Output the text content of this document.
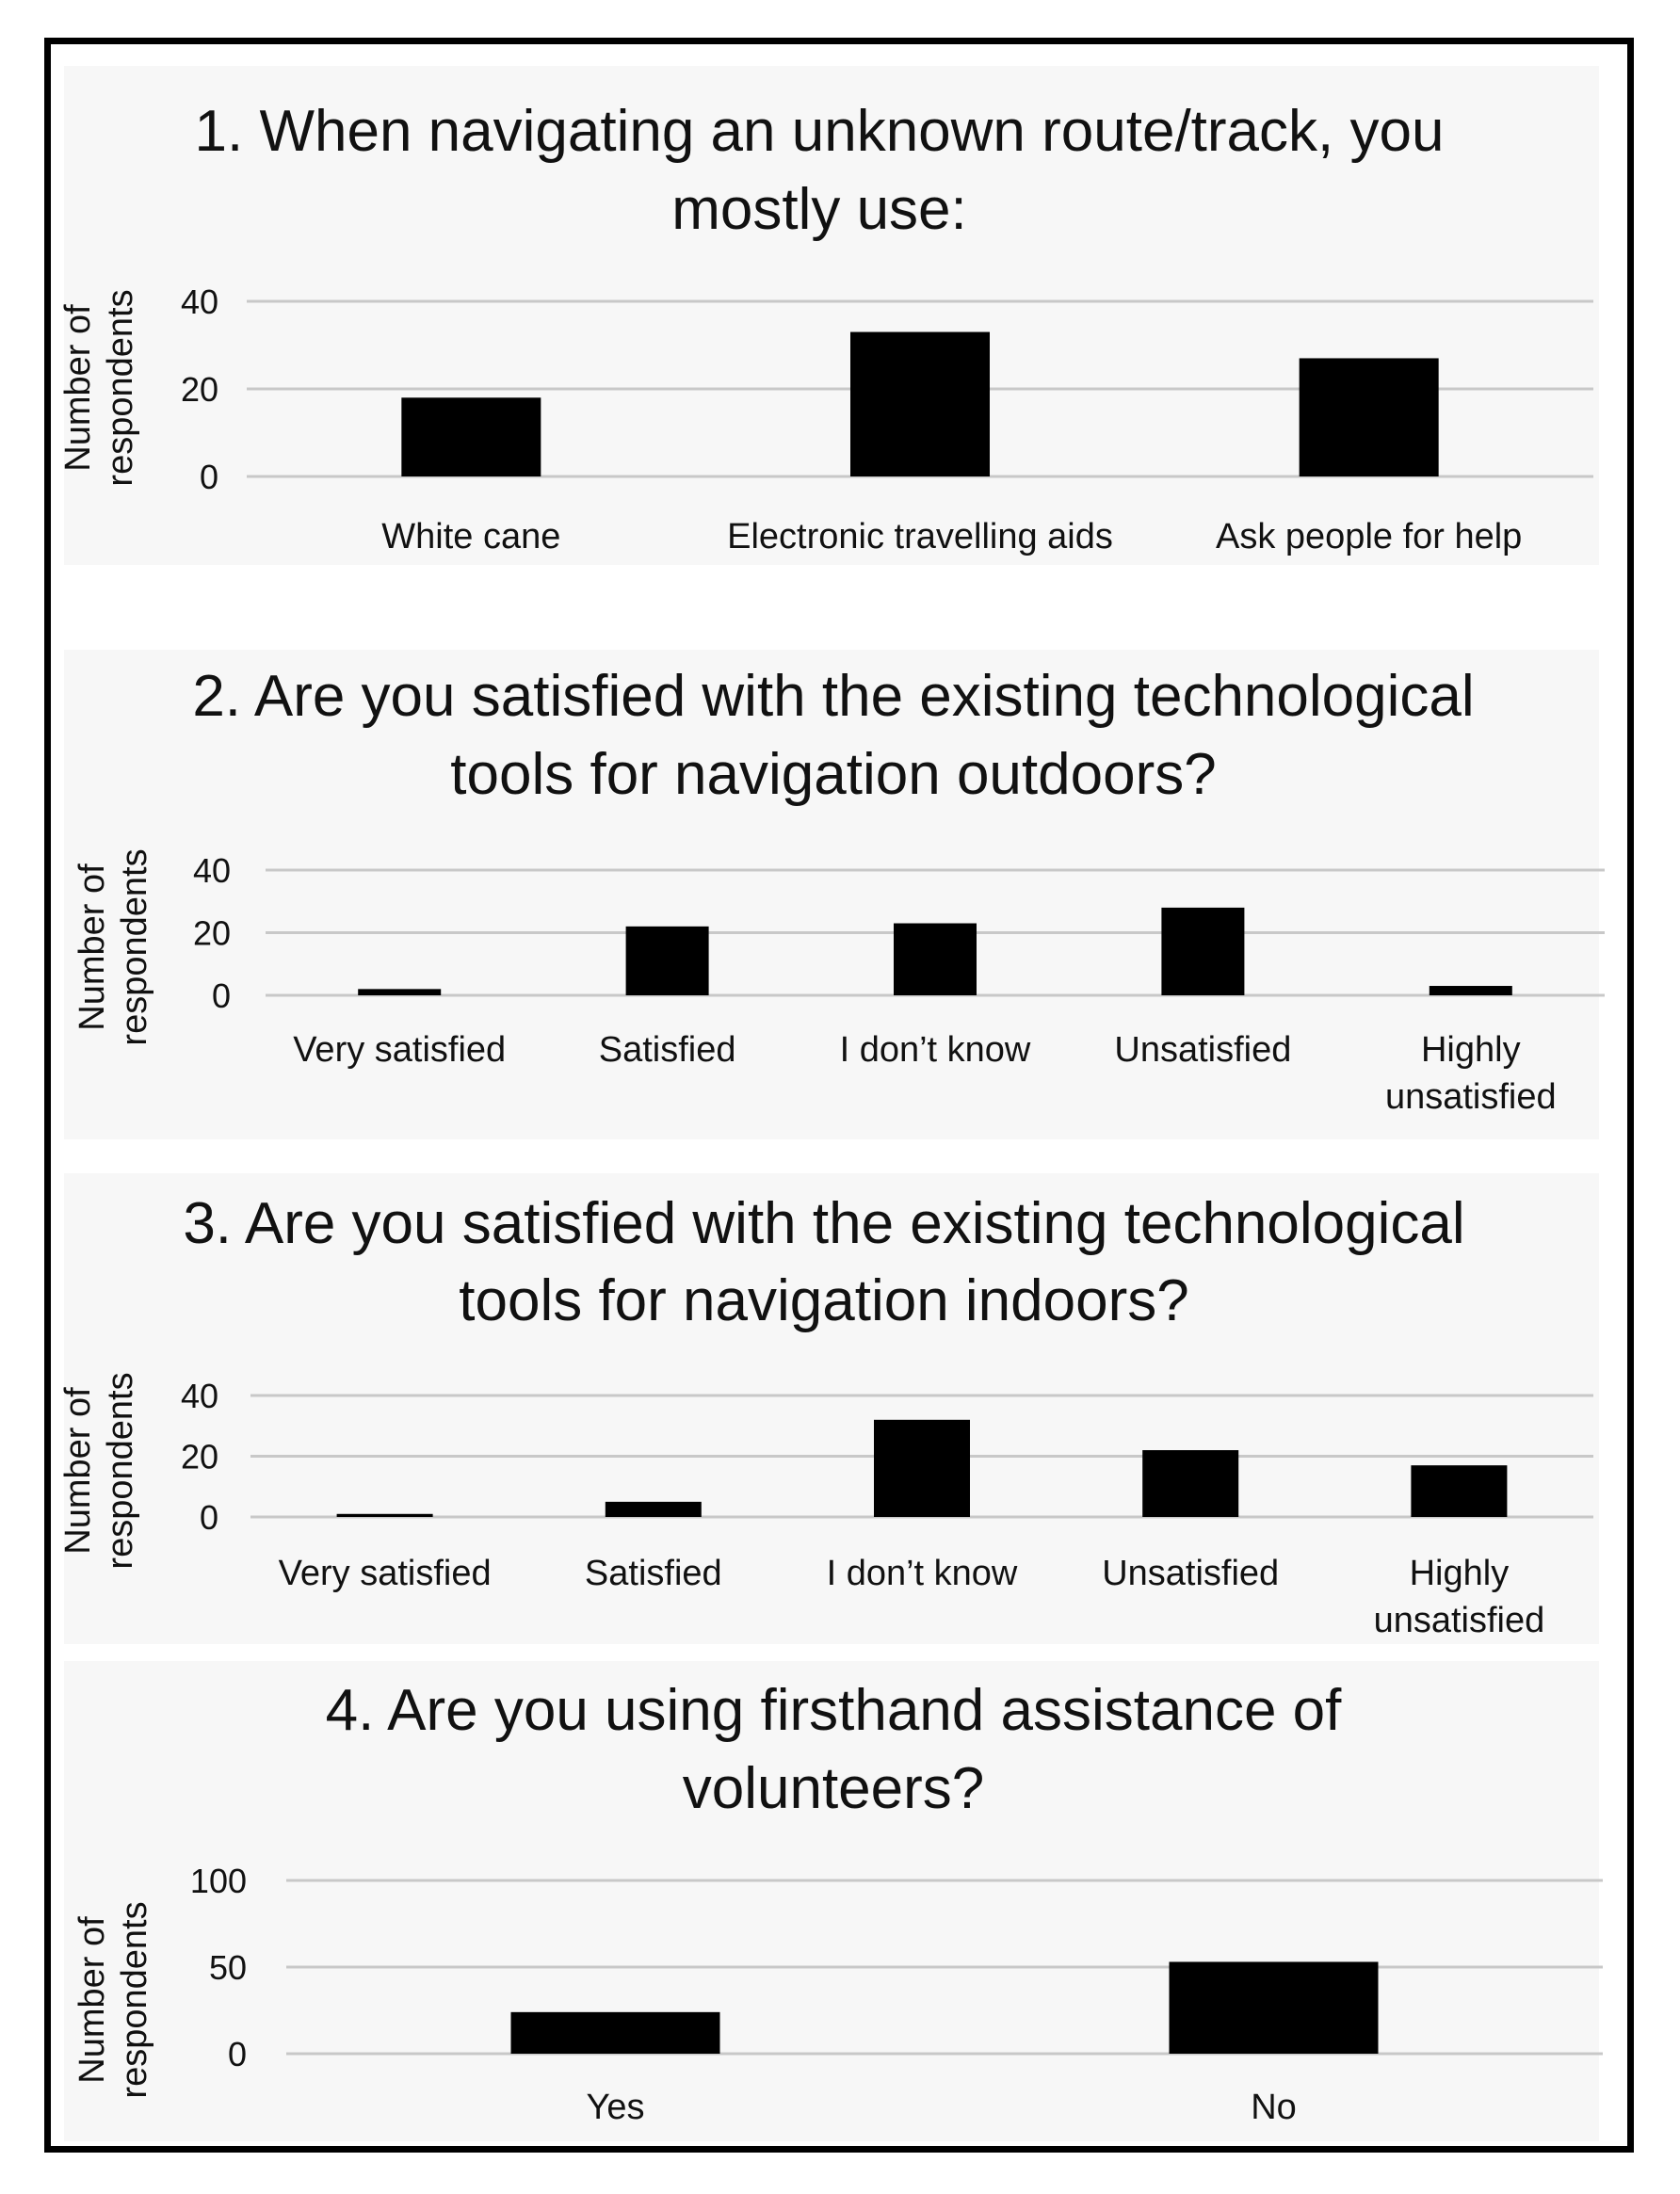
1. When navigating an unknown route/track, you
mostly use:
40
20
0
Number of respondents
White cane	Electronic travelling aids	Ask people for help
2. Are you satisfied with the existing technological
tools for navigation outdoors?
40
20
0
Number of respondents
Very satisfied	Satisfied	I don’t know Unsatisfied	Highly
unsatisfied
3. Are you satisfied with the existing technological
tools for navigation indoors?
40
20
0
Number of respondents
Very satisfied	Satisfied	I don’t know Unsatisfied	Highly
unsatisfied
4. Are you using firsthand assistance of
volunteers?
100
50
0
Number of respondents
Yes	No
